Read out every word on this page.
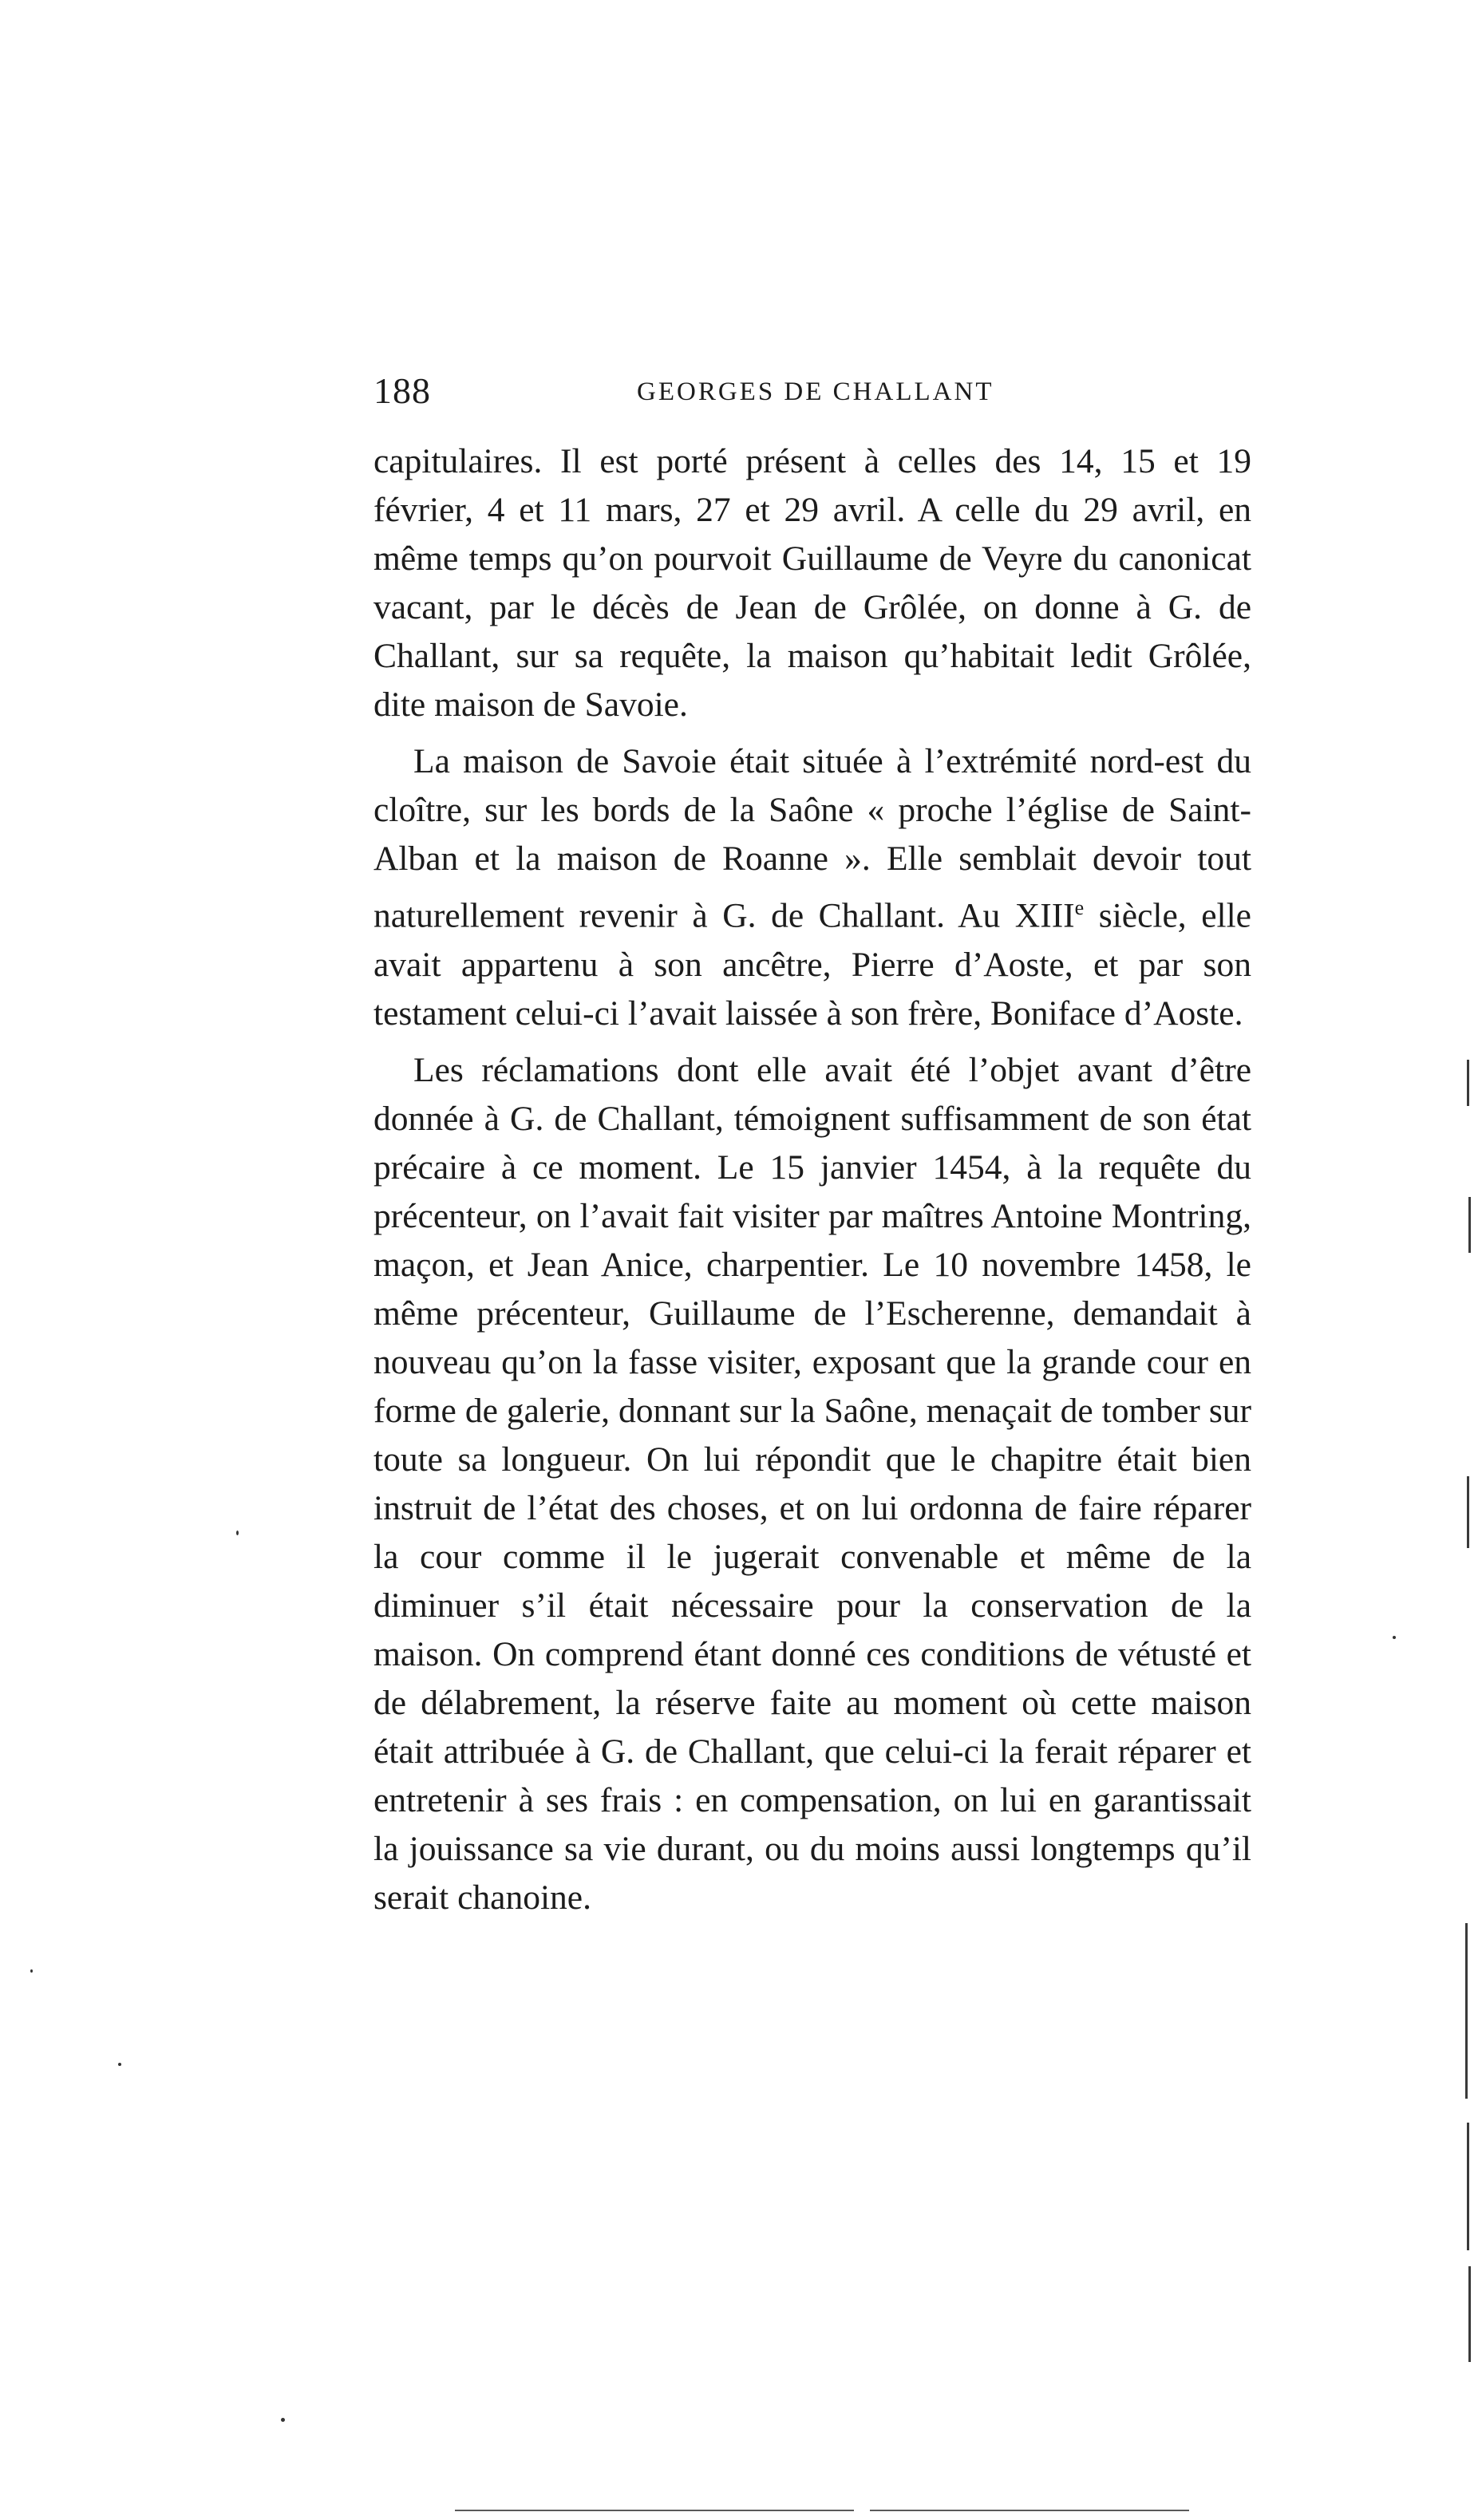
188	GEORGES DE CHALLANT

capitulaires. Il est porté présent à celles des 14, 15 et 19 février, 4 et 11 mars, 27 et 29 avril. A celle du 29 avril, en même temps qu’on pourvoit Guillaume de Veyre du canonicat vacant, par le décès de Jean de Grôlée, on donne à G. de Challant, sur sa requête, la maison qu’habitait ledit Grôlée, dite maison de Savoie.

La maison de Savoie était située à l’extrémité nord-est du cloître, sur les bords de la Saône « proche l’église de Saint-Alban et la maison de Roanne ». Elle semblait devoir tout naturellement revenir à G. de Challant. Au XIIIe siècle, elle avait appartenu à son ancêtre, Pierre d’Aoste, et par son testament celui-ci l’avait laissée à son frère, Boniface d’Aoste.

Les réclamations dont elle avait été l’objet avant d’être donnée à G. de Challant, témoignent suffisamment de son état précaire à ce moment. Le 15 janvier 1454, à la requête du précenteur, on l’avait fait visiter par maîtres Antoine Montring, maçon, et Jean Anice, charpentier. Le 10 novembre 1458, le même précenteur, Guillaume de l’Escherenne, demandait à nouveau qu’on la fasse visiter, exposant que la grande cour en forme de galerie, donnant sur la Saône, menaçait de tomber sur toute sa longueur. On lui répondit que le chapitre était bien instruit de l’état des choses, et on lui ordonna de faire réparer la cour comme il le jugerait convenable et même de la diminuer s’il était nécessaire pour la conservation de la maison. On comprend étant donné ces conditions de vétusté et de délabrement, la réserve faite au moment où cette maison était attribuée à G. de Challant, que celui-ci la ferait réparer et entretenir à ses frais : en compensation, on lui en garantissait la jouissance sa vie durant, ou du moins aussi longtemps qu’il serait chanoine.
